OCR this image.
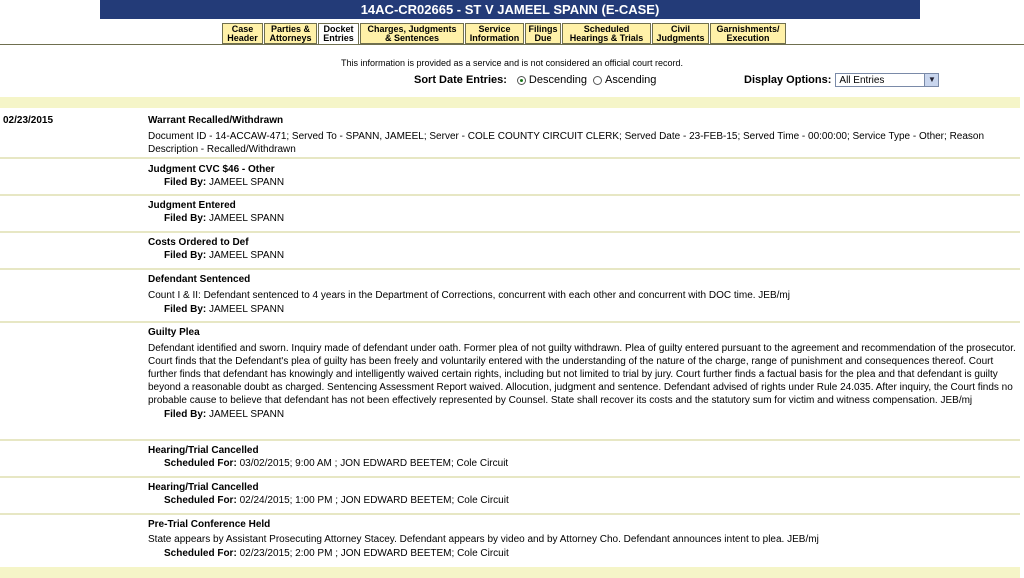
14AC-CR02665 - ST V JAMEEL SPANN (E-CASE)
Case
Header
Parties &
Attorneys
Docket
Entries
Charges, Judgments
& Sentences
Service
Information
Filings
Due
Scheduled
Hearings & Trials
Civil
Judgments
Garnishments/
Execution
This information is provided as a service and is not considered an official court record.
Sort Date Entries: Descending Ascending	Display Options: All Entries	▼
02/23/2015	Warrant Recalled/Withdrawn
Document ID - 14-ACCAW-471; Served To - SPANN, JAMEEL; Server - COLE COUNTY CIRCUIT CLERK; Served Date - 23-FEB-15; Served Time - 00:00:00; Service Type - Other; Reason Description - Recalled/Withdrawn
Judgment CVC $46 - Other
Filed By: JAMEEL SPANN
Judgment Entered
Filed By: JAMEEL SPANN
Costs Ordered to Def
Filed By: JAMEEL SPANN
Defendant Sentenced
Count I & II: Defendant sentenced to 4 years in the Department of Corrections, concurrent with each other and concurrent with DOC time. JEB/mj
Filed By: JAMEEL SPANN
Guilty Plea
Defendant identified and sworn. Inquiry made of defendant under oath. Former plea of not guilty withdrawn. Plea of guilty entered pursuant to the agreement and recommendation of the prosecutor. Court finds that the Defendant's plea of guilty has been freely and voluntarily entered with the understanding of the nature of the charge, range of punishment and consequences thereof. Court further finds that defendant has knowingly and intelligently waived certain rights, including but not limited to trial by jury. Court further finds a factual basis for the plea and that defendant is guilty beyond a reasonable doubt as charged. Sentencing Assessment Report waived. Allocution, judgment and sentence. Defendant advised of rights under Rule 24.035. After inquiry, the Court finds no probable cause to believe that defendant has not been effectively represented by Counsel. State shall recover its costs and the statutory sum for victim and witness compensation. JEB/mj
Filed By: JAMEEL SPANN
Hearing/Trial Cancelled
Scheduled For: 03/02/2015; 9:00 AM ; JON EDWARD BEETEM; Cole Circuit
Hearing/Trial Cancelled
Scheduled For: 02/24/2015; 1:00 PM ; JON EDWARD BEETEM; Cole Circuit
Pre-Trial Conference Held
State appears by Assistant Prosecuting Attorney Stacey. Defendant appears by video and by Attorney Cho. Defendant announces intent to plea. JEB/mj
Scheduled For: 02/23/2015; 2:00 PM ; JON EDWARD BEETEM; Cole Circuit
